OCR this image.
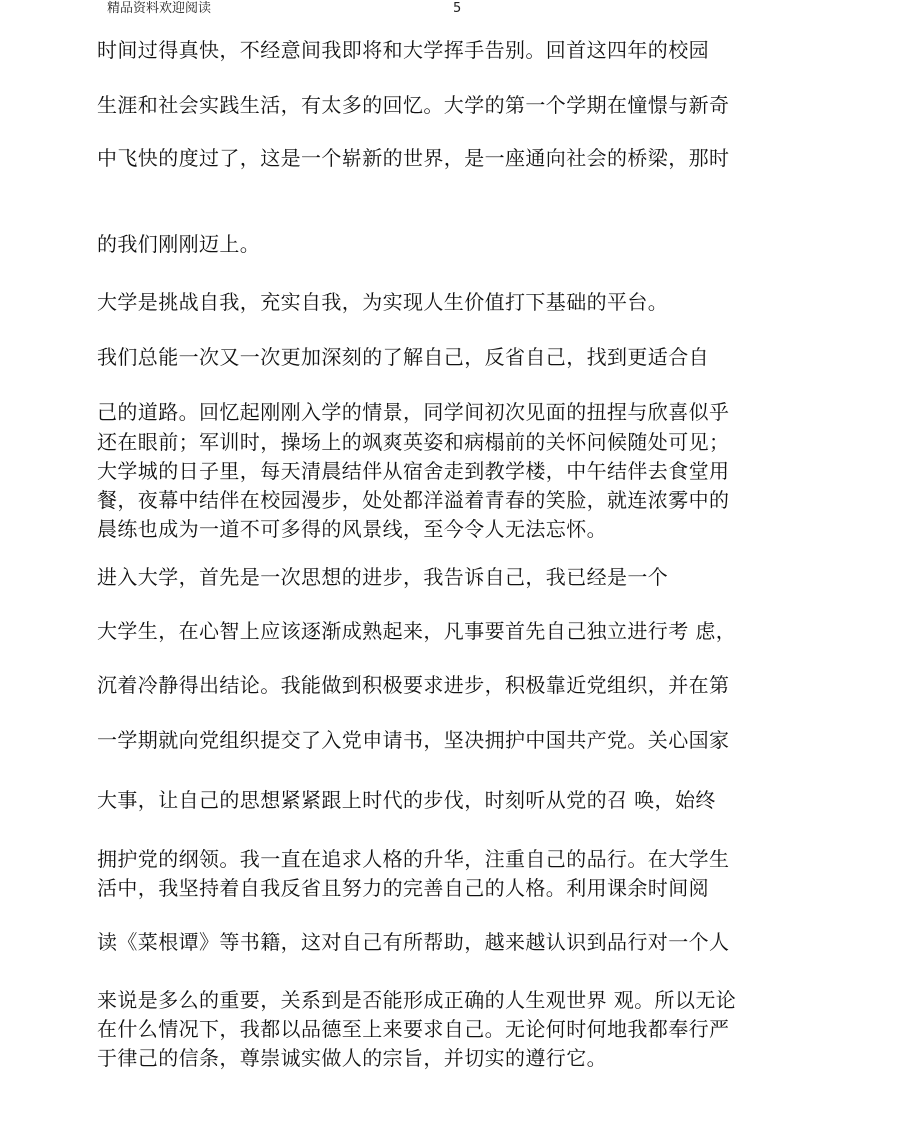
精品资料欢迎阅读	5
时间过得真快，不经意间我即将和大学挥手告别。回首这四年的校园
生涯和社会实践生活，有太多的回忆。大学的第一个学期在憧憬与新奇
中飞快的度过了，这是一个崭新的世界，是一座通向社会的桥梁，那时
的我们刚刚迈上。
大学是挑战自我，充实自我，为实现人生价值打下基础的平台。
我们总能一次又一次更加深刻的了解自己，反省自己，找到更适合自
己的道路。回忆起刚刚入学的情景，同学间初次见面的扭捏与欣喜似乎
还在眼前；军训时，操场上的飒爽英姿和病榻前的关怀问候随处可见；
大学城的日子里，每天清晨结伴从宿舍走到教学楼，中午结伴去食堂用
餐，夜幕中结伴在校园漫步，处处都洋溢着青春的笑脸，就连浓雾中的
晨练也成为一道不可多得的风景线，至今令人无法忘怀。
进入大学，首先是一次思想的进步，我告诉自己，我已经是一个
大学生，在心智上应该逐渐成熟起来，凡事要首先自己独立进行考 虑，
沉着冷静得出结论。我能做到积极要求进步，积极靠近党组织，并在第
一学期就向党组织提交了入党申请书，坚决拥护中国共产党。关心国家
大事，让自己的思想紧紧跟上时代的步伐，时刻听从党的召 唤，始终
拥护党的纲领。我一直在追求人格的升华，注重自己的品行。在大学生
活中，我坚持着自我反省且努力的完善自己的人格。利用课余时间阅
读《菜根谭》等书籍，这对自己有所帮助，越来越认识到品行对一个人
来说是多么的重要，关系到是否能形成正确的人生观世界 观。所以无论
在什么情况下，我都以品德至上来要求自己。无论何时何地我都奉行严
于律己的信条，尊崇诚实做人的宗旨，并切实的遵行它。
